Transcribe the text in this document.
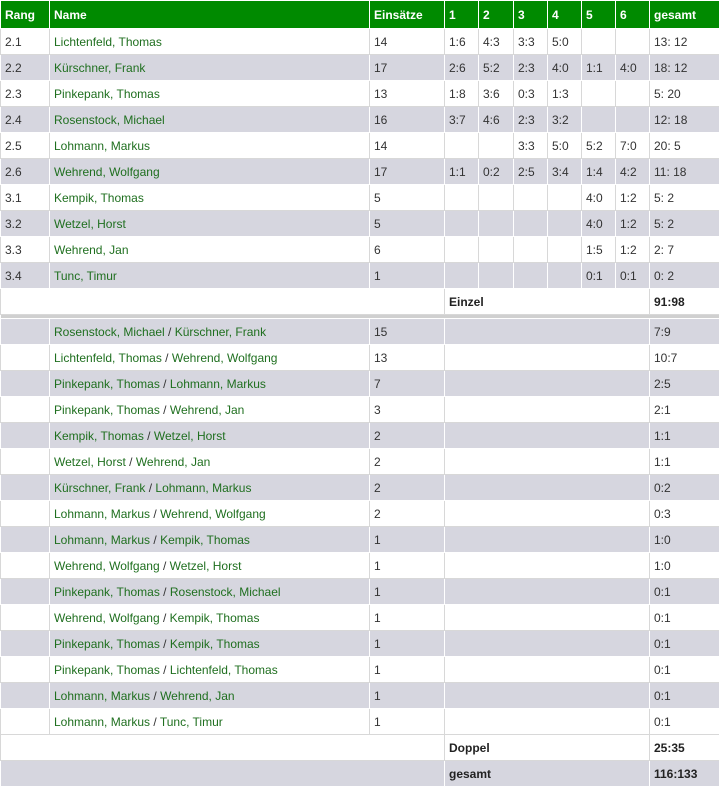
Rang	Name	Einsätze	1	2	3	4	5	6	gesamt
2.1	Lichtenfeld, Thomas	14	1:6	4:3	3:3	5:0			13: 12
2.2	Kürschner, Frank	17	2:6	5:2	2:3	4:0	1:1	4:0	18: 12
2.3	Pinkepank, Thomas	13	1:8	3:6	0:3	1:3			5: 20
2.4	Rosenstock, Michael	16	3:7	4:6	2:3	3:2			12: 18
2.5	Lohmann, Markus	14			3:3	5:0	5:2	7:0	20: 5
2.6	Wehrend, Wolfgang	17	1:1	0:2	2:5	3:4	1:4	4:2	11: 18
3.1	Kempik, Thomas	5					4:0	1:2	5: 2
3.2	Wetzel, Horst	5					4:0	1:2	5: 2
3.3	Wehrend, Jan	6					1:5	1:2	2: 7
3.4	Tunc, Timur	1					0:1	0:1	0: 2
			Einzel						91:98

	Rosenstock, Michael / Kürschner, Frank	15							7:9
	Lichtenfeld, Thomas / Wehrend, Wolfgang	13							10:7
	Pinkepank, Thomas / Lohmann, Markus	7							2:5
	Pinkepank, Thomas / Wehrend, Jan	3							2:1
	Kempik, Thomas / Wetzel, Horst	2							1:1
	Wetzel, Horst / Wehrend, Jan	2							1:1
	Kürschner, Frank / Lohmann, Markus	2							0:2
	Lohmann, Markus / Wehrend, Wolfgang	2							0:3
	Lohmann, Markus / Kempik, Thomas	1							1:0
	Wehrend, Wolfgang / Wetzel, Horst	1							1:0
	Pinkepank, Thomas / Rosenstock, Michael	1							0:1
	Wehrend, Wolfgang / Kempik, Thomas	1							0:1
	Pinkepank, Thomas / Kempik, Thomas	1							0:1
	Pinkepank, Thomas / Lichtenfeld, Thomas	1							0:1
	Lohmann, Markus / Wehrend, Jan	1							0:1
	Lohmann, Markus / Tunc, Timur	1							0:1
			Doppel						25:35
			gesamt						116:133
